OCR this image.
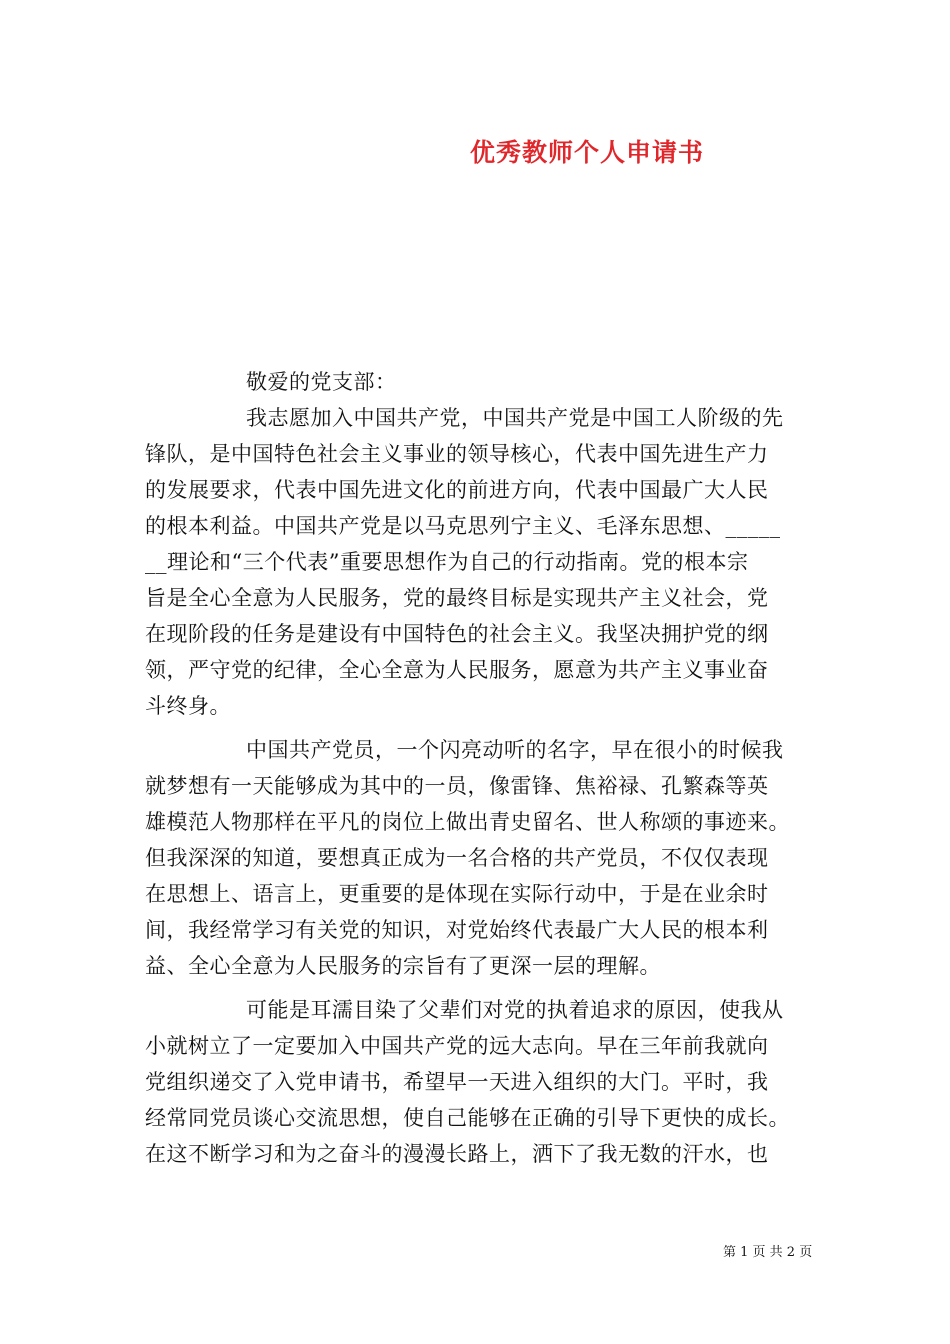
优秀教师个人申请书
敬爱的党支部：
我志愿加入中国共产党，中国共产党是中国工人阶级的先
锋队，是中国特色社会主义事业的领导核心，代表中国先进生产力
的发展要求，代表中国先进文化的前进方向，代表中国最广大人民
的根本利益。中国共产党是以马克思列宁主义、毛泽东思想、_____
__理论和“三个代表”重要思想作为自己的行动指南。党的根本宗
旨是全心全意为人民服务，党的最终目标是实现共产主义社会，党
在现阶段的任务是建设有中国特色的社会主义。我坚决拥护党的纲
领，严守党的纪律，全心全意为人民服务，愿意为共产主义事业奋
斗终身。
中国共产党员，一个闪亮动听的名字，早在很小的时候我
就梦想有一天能够成为其中的一员，像雷锋、焦裕禄、孔繁森等英
雄模范人物那样在平凡的岗位上做出青史留名、世人称颂的事迹来。
但我深深的知道，要想真正成为一名合格的共产党员，不仅仅表现
在思想上、语言上，更重要的是体现在实际行动中，于是在业余时
间，我经常学习有关党的知识，对党始终代表最广大人民的根本利
益、全心全意为人民服务的宗旨有了更深一层的理解。
可能是耳濡目染了父辈们对党的执着追求的原因，使我从
小就树立了一定要加入中国共产党的远大志向。早在三年前我就向
党组织递交了入党申请书，希望早一天进入组织的大门。平时，我
经常同党员谈心交流思想，使自己能够在正确的引导下更快的成长。
在这不断学习和为之奋斗的漫漫长路上，洒下了我无数的汗水，也
第 1 页 共 2 页
